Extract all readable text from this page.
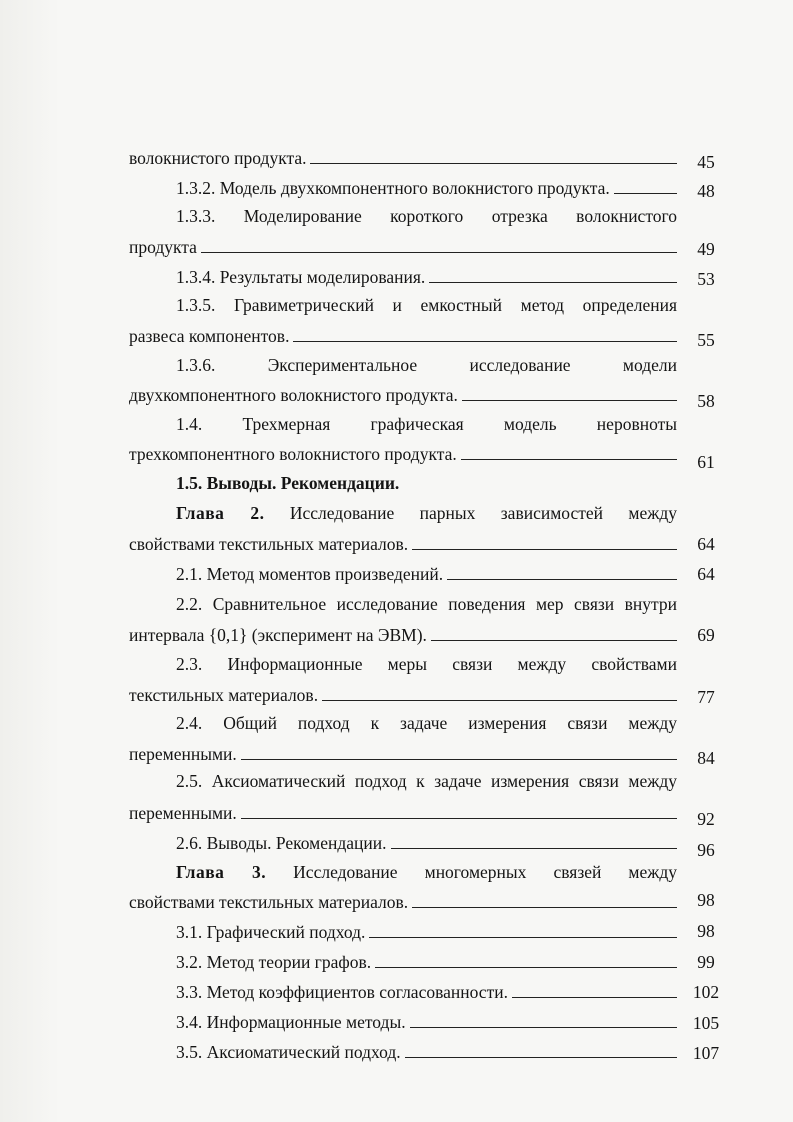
волокнистого продукта.	45
1.3.2. Модель двухкомпонентного волокнистого продукта.	48
1.3.3. Моделирование короткого отрезка волокнистого
продукта	49
1.3.4. Результаты моделирования.	53
1.3.5. Гравиметрический и емкостный метод определения
развеса компонентов.	55
1.3.6. Экспериментальное исследование модели
двухкомпонентного волокнистого продукта.	58
1.4. Трехмерная графическая модель неровноты
трехкомпонентного волокнистого продукта.	61
1.5. Выводы. Рекомендации.
Глава 2. Исследование парных зависимостей между
свойствами текстильных материалов.	64
2.1. Метод моментов произведений.	64
2.2. Сравнительное исследование поведения мер связи внутри
интервала {0,1} (эксперимент на ЭВМ).	69
2.3. Информационные меры связи между свойствами
текстильных материалов.	77
2.4. Общий подход к задаче измерения связи между
переменными.	84
2.5. Аксиоматический подход к задаче измерения связи между
переменными.	92
2.6. Выводы. Рекомендации.	96
Глава 3. Исследование многомерных связей между
свойствами текстильных материалов.	98
3.1. Графический подход.	98
3.2. Метод теории графов.	99
3.3. Метод коэффициентов согласованности.	102
3.4. Информационные методы.	105
3.5. Аксиоматический подход.	107
